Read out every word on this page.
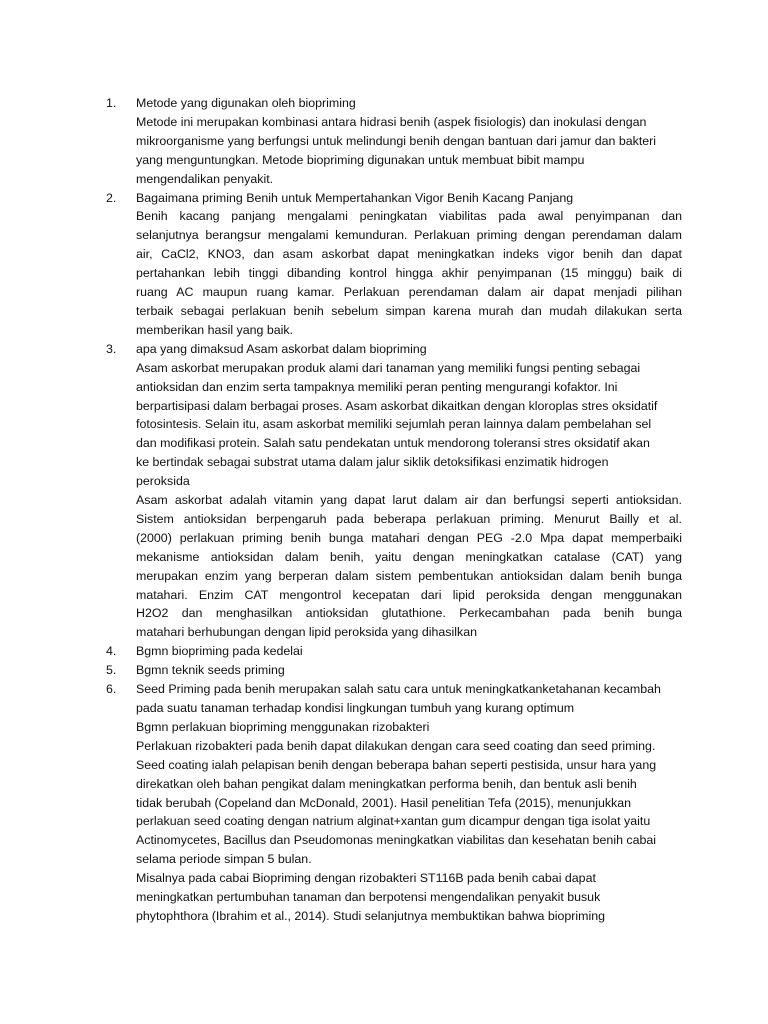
1. Metode yang digunakan oleh biopriming
Metode ini merupakan kombinasi antara hidrasi benih (aspek fisiologis) dan inokulasi dengan
mikroorganisme yang berfungsi untuk melindungi benih dengan bantuan dari jamur dan bakteri
yang menguntungkan. Metode biopriming digunakan untuk membuat bibit mampu
mengendalikan penyakit.
2. Bagaimana priming Benih untuk Mempertahankan Vigor Benih Kacang Panjang
Benih kacang panjang mengalami peningkatan viabilitas pada awal penyimpanan dan
selanjutnya berangsur mengalami kemunduran. Perlakuan priming dengan perendaman dalam
air, CaCl2, KNO3, dan asam askorbat dapat meningkatkan indeks vigor benih dan dapat
pertahankan lebih tinggi dibanding kontrol hingga akhir penyimpanan (15 minggu) baik di
ruang AC maupun ruang kamar. Perlakuan perendaman dalam air dapat menjadi pilihan
terbaik sebagai perlakuan benih sebelum simpan karena murah dan mudah dilakukan serta
memberikan hasil yang baik.
3. apa yang dimaksud Asam askorbat dalam biopriming
Asam askorbat merupakan produk alami dari tanaman yang memiliki fungsi penting sebagai
antioksidan dan enzim serta tampaknya memiliki peran penting mengurangi kofaktor. Ini
berpartisipasi dalam berbagai proses. Asam askorbat dikaitkan dengan kloroplas stres oksidatif
fotosintesis. Selain itu, asam askorbat memiliki sejumlah peran lainnya dalam pembelahan sel
dan modifikasi protein. Salah satu pendekatan untuk mendorong toleransi stres oksidatif akan
ke bertindak sebagai substrat utama dalam jalur siklik detoksifikasi enzimatik hidrogen
peroksida
Asam askorbat adalah vitamin yang dapat larut dalam air dan berfungsi seperti antioksidan.
Sistem antioksidan berpengaruh pada beberapa perlakuan priming. Menurut Bailly et al.
(2000) perlakuan priming benih bunga matahari dengan PEG -2.0 Mpa dapat memperbaiki
mekanisme antioksidan dalam benih, yaitu dengan meningkatkan catalase (CAT) yang
merupakan enzim yang berperan dalam sistem pembentukan antioksidan dalam benih bunga
matahari. Enzim CAT mengontrol kecepatan dari lipid peroksida dengan menggunakan
H2O2 dan menghasilkan antioksidan glutathione. Perkecambahan pada benih bunga
matahari berhubungan dengan lipid peroksida yang dihasilkan
4. Bgmn biopriming pada kedelai
5. Bgmn teknik seeds priming
6. Seed Priming pada benih merupakan salah satu cara untuk meningkatkanketahanan kecambah
pada suatu tanaman terhadap kondisi lingkungan tumbuh yang kurang optimum
Bgmn perlakuan biopriming menggunakan rizobakteri
Perlakuan rizobakteri pada benih dapat dilakukan dengan cara seed coating dan seed priming.
Seed coating ialah pelapisan benih dengan beberapa bahan seperti pestisida, unsur hara yang
direkatkan oleh bahan pengikat dalam meningkatkan performa benih, dan bentuk asli benih
tidak berubah (Copeland dan McDonald, 2001). Hasil penelitian Tefa (2015), menunjukkan
perlakuan seed coating dengan natrium alginat+xantan gum dicampur dengan tiga isolat yaitu
Actinomycetes, Bacillus dan Pseudomonas meningkatkan viabilitas dan kesehatan benih cabai
selama periode simpan 5 bulan.
Misalnya pada cabai Biopriming dengan rizobakteri ST116B pada benih cabai dapat
meningkatkan pertumbuhan tanaman dan berpotensi mengendalikan penyakit busuk
phytophthora (Ibrahim et al., 2014). Studi selanjutnya membuktikan bahwa biopriming
